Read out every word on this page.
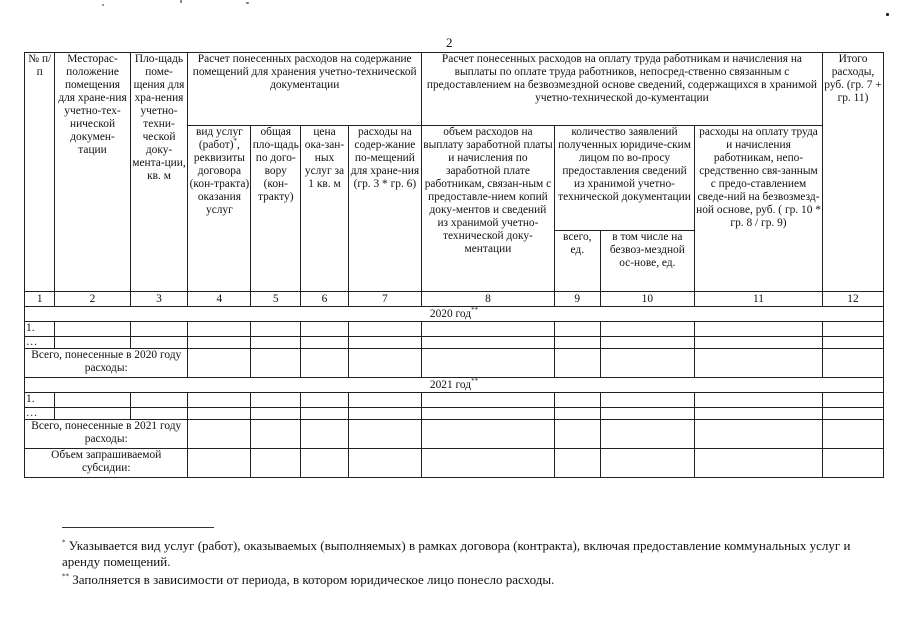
2
№ п/п	Месторас-положение помещения для хране-ния учетно-тех-нической докумен-тации	Пло-щадь поме-щения для хра-нения учетно-техни-ческой доку-мента-ции, кв. м	Расчет понесенных расходов на содержание помещений для хранения учетно-технической документации				Расчет понесенных расходов на оплату труда работникам и начисления на выплаты по оплате труда работников, непосред-ственно связанным с предоставлением на безвозмездной основе сведений, содержащихся в хранимой учетно-технической до-кументации				Итого расходы, руб. (гр. 7 + гр. 11)
			вид услуг (работ)*, реквизиты договора (кон-тракта) оказания услуг	общая пло-щадь по дого-вору (кон-тракту)	цена ока-зан-ных услуг за 1 кв. м	расходы на содер-жание по-мещений для хране-ния (гр. 3 * гр. 6)	объем расходов на выплату заработной платы и начисления по заработной плате работникам, связан-ным с предоставле-нием копий доку-ментов и сведений из хранимой учетно-технической доку-ментации	количество заявлений полученных юридиче-ским лицом по во-просу предоставления сведений из хранимой учетно-технической документации		расходы на оплату труда и начисления работникам, непо-средственно свя-занным с предо-ставлением сведе-ний на безвозмезд-ной основе, руб. ( гр. 10 * гр. 8 / гр. 9)	
								всего, ед.	в том числе на безвоз-мездной ос-нове, ед.		
1	2	3	4	5	6	7	8	9	10	11	12
2020 год**
1.											
…											
Всего, понесенные в 2020 году расходы:											
2021 год**
1.											
…											
Всего, понесенные в 2021 году расходы:											
Объем запрашиваемой субсидии:											
* Указывается вид услуг (работ), оказываемых (выполняемых) в рамках договора (контракта), включая предоставление коммунальных услуг и аренду помещений.
** Заполняется в зависимости от периода, в котором юридическое лицо понесло расходы.
